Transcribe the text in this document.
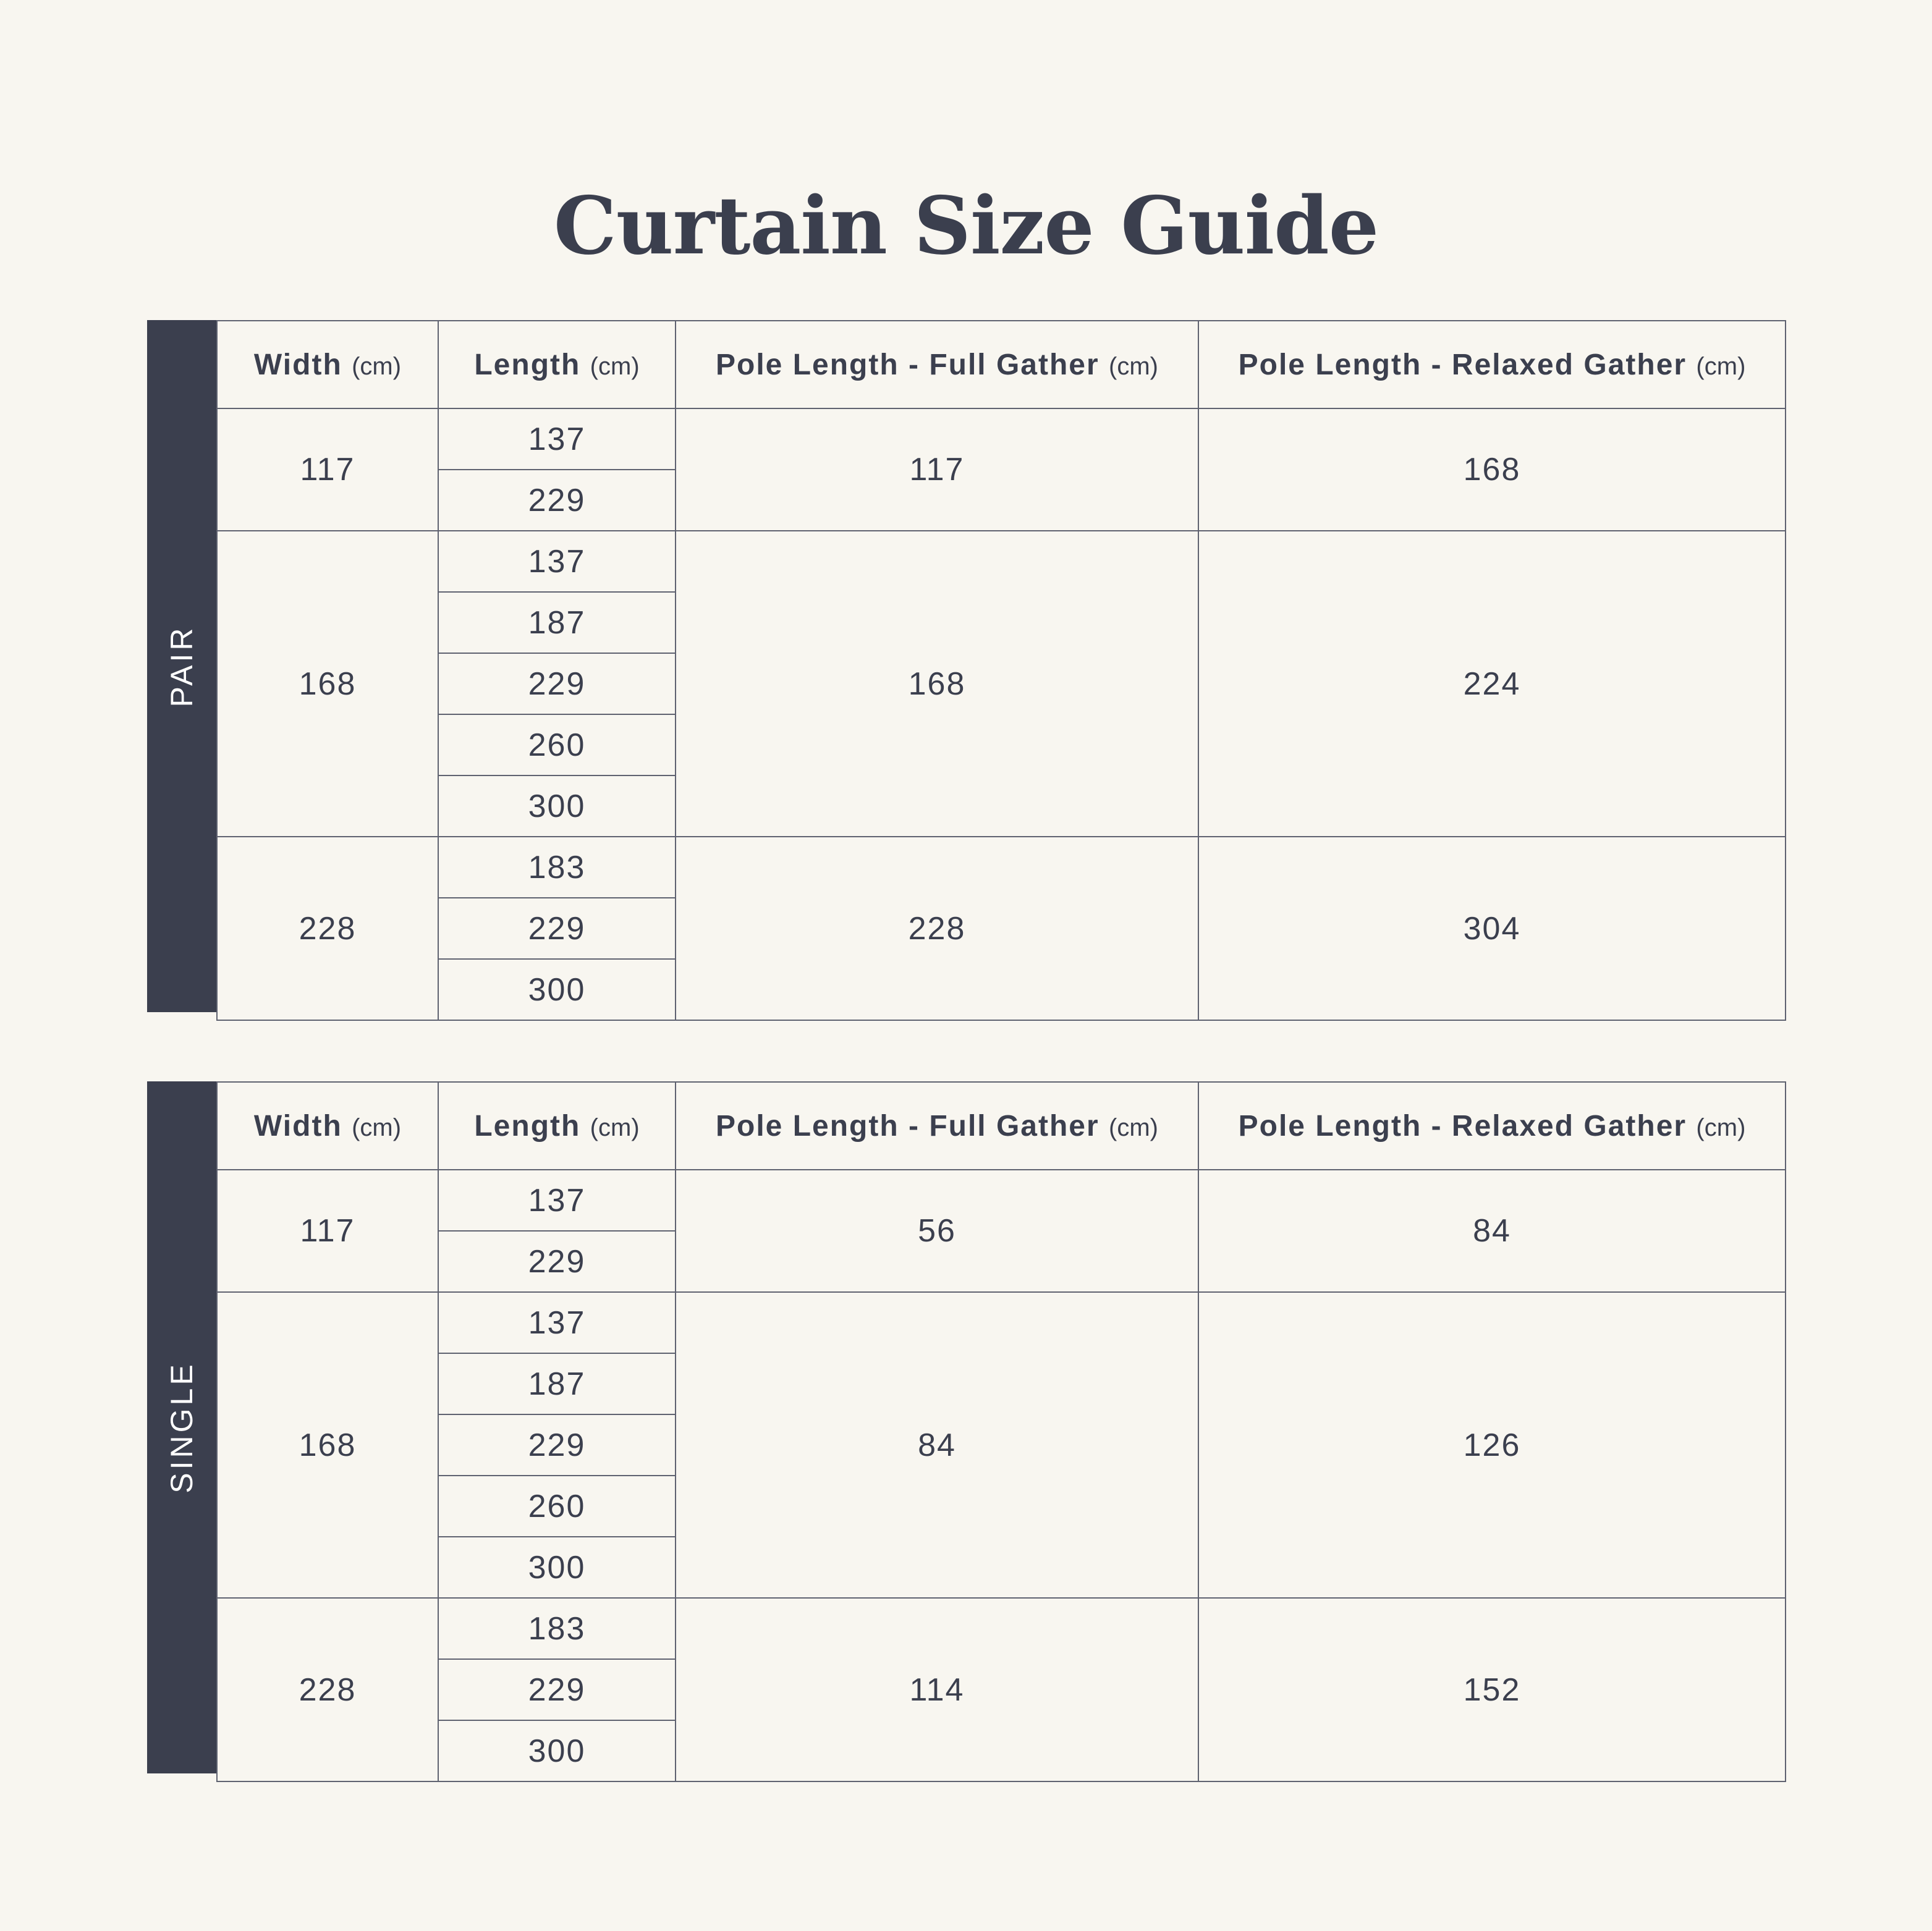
Curtain Size Guide
PAIR
Width (cm)	Length (cm)	Pole Length - Full Gather (cm)	Pole Length - Relaxed Gather (cm)
117	137	117	168
	229		
168	137	168	224
	187		
	229		
	260		
	300		
228	183	228	304
	229		
	300		
SINGLE
Width (cm)	Length (cm)	Pole Length - Full Gather (cm)	Pole Length - Relaxed Gather (cm)
117	137	56	84
	229		
168	137	84	126
	187		
	229		
	260		
	300		
228	183	114	152
	229		
	300		
